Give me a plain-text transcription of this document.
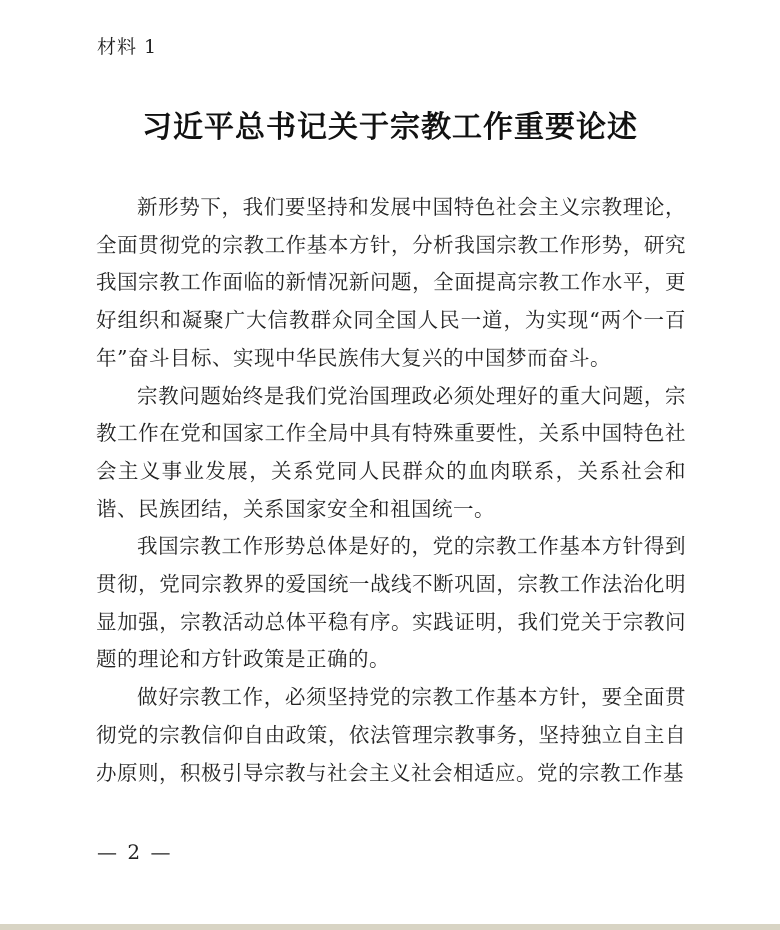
材料 1
习近平总书记关于宗教工作重要论述

新形势下，我们要坚持和发展中国特色社会主义宗教理论，全面贯彻党的宗教工作基本方针，分析我国宗教工作形势，研究我国宗教工作面临的新情况新问题，全面提高宗教工作水平，更好组织和凝聚广大信教群众同全国人民一道，为实现“两个一百年”奋斗目标、实现中华民族伟大复兴的中国梦而奋斗。

宗教问题始终是我们党治国理政必须处理好的重大问题，宗教工作在党和国家工作全局中具有特殊重要性，关系中国特色社会主义事业发展，关系党同人民群众的血肉联系，关系社会和谐、民族团结，关系国家安全和祖国统一。

我国宗教工作形势总体是好的，党的宗教工作基本方针得到贯彻，党同宗教界的爱国统一战线不断巩固，宗教工作法治化明显加强，宗教活动总体平稳有序。实践证明，我们党关于宗教问题的理论和方针政策是正确的。

做好宗教工作，必须坚持党的宗教工作基本方针，要全面贯彻党的宗教信仰自由政策，依法管理宗教事务，坚持独立自主自办原则，积极引导宗教与社会主义社会相适应。党的宗教工作基

— 2 —
